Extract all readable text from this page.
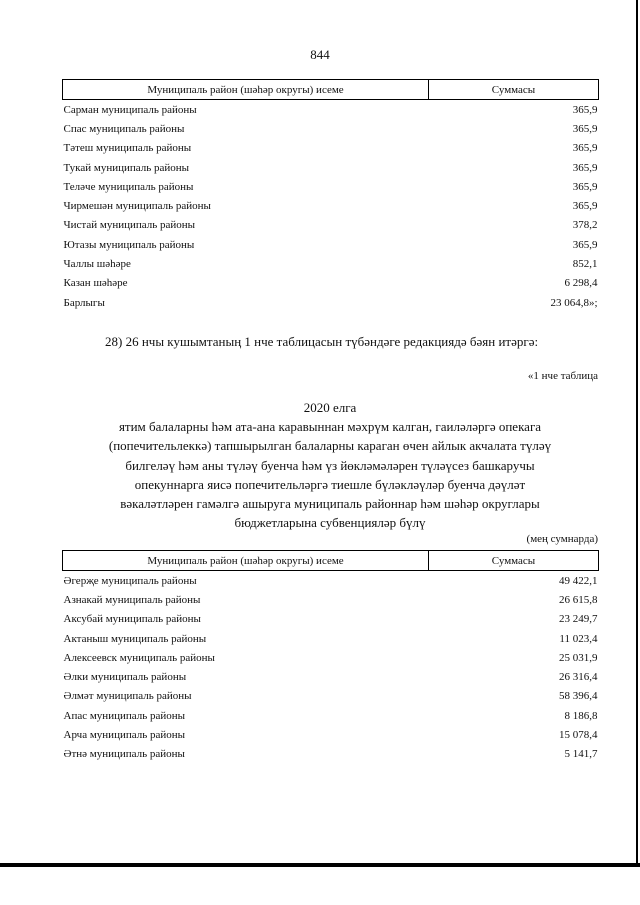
844
Муниципаль район (шәһәр округы) исеме	Суммасы
Сарман муниципаль районы	365,9
Спас муниципаль районы	365,9
Тәтеш муниципаль районы	365,9
Тукай муниципаль районы	365,9
Теләче муниципаль районы	365,9
Чирмешән муниципаль районы	365,9
Чистай муниципаль районы	378,2
Ютазы муниципаль районы	365,9
Чаллы шәһәре	852,1
Казан шәһәре	6 298,4
Барлыгы	23 064,8»;
28) 26 нчы кушымтаның 1 нче таблицасын түбәндәге редакциядә бәян итәргә:
«1 нче таблица
2020 елга
ятим балаларны һәм ата-ана каравыннан мәхрүм калган, гаиләләргә опекага
(попечительлеккә) тапшырылган балаларны караган өчен айлык акчалата түләү
билгеләү һәм аны түләү буенча һәм үз йөкләмәләрен түләүсез башкаручы
опекуннарга яисә попечительләргә тиешле бүләкләүләр буенча дәүләт
вәкаләтләрен гамәлгә ашыруга муниципаль районнар һәм шәһәр округлары
бюджетларына субвенцияләр бүлү
(мең сумнарда)
Муниципаль район (шәһәр округы) исеме	Суммасы
Әгерҗе муниципаль районы	49 422,1
Азнакай муниципаль районы	26 615,8
Аксубай муниципаль районы	23 249,7
Актаныш муниципаль районы	11 023,4
Алексеевск муниципаль районы	25 031,9
Әлки муниципаль районы	26 316,4
Әлмәт муниципаль районы	58 396,4
Апас муниципаль районы	8 186,8
Арча муниципаль районы	15 078,4
Әтнә муниципаль районы	5 141,7
